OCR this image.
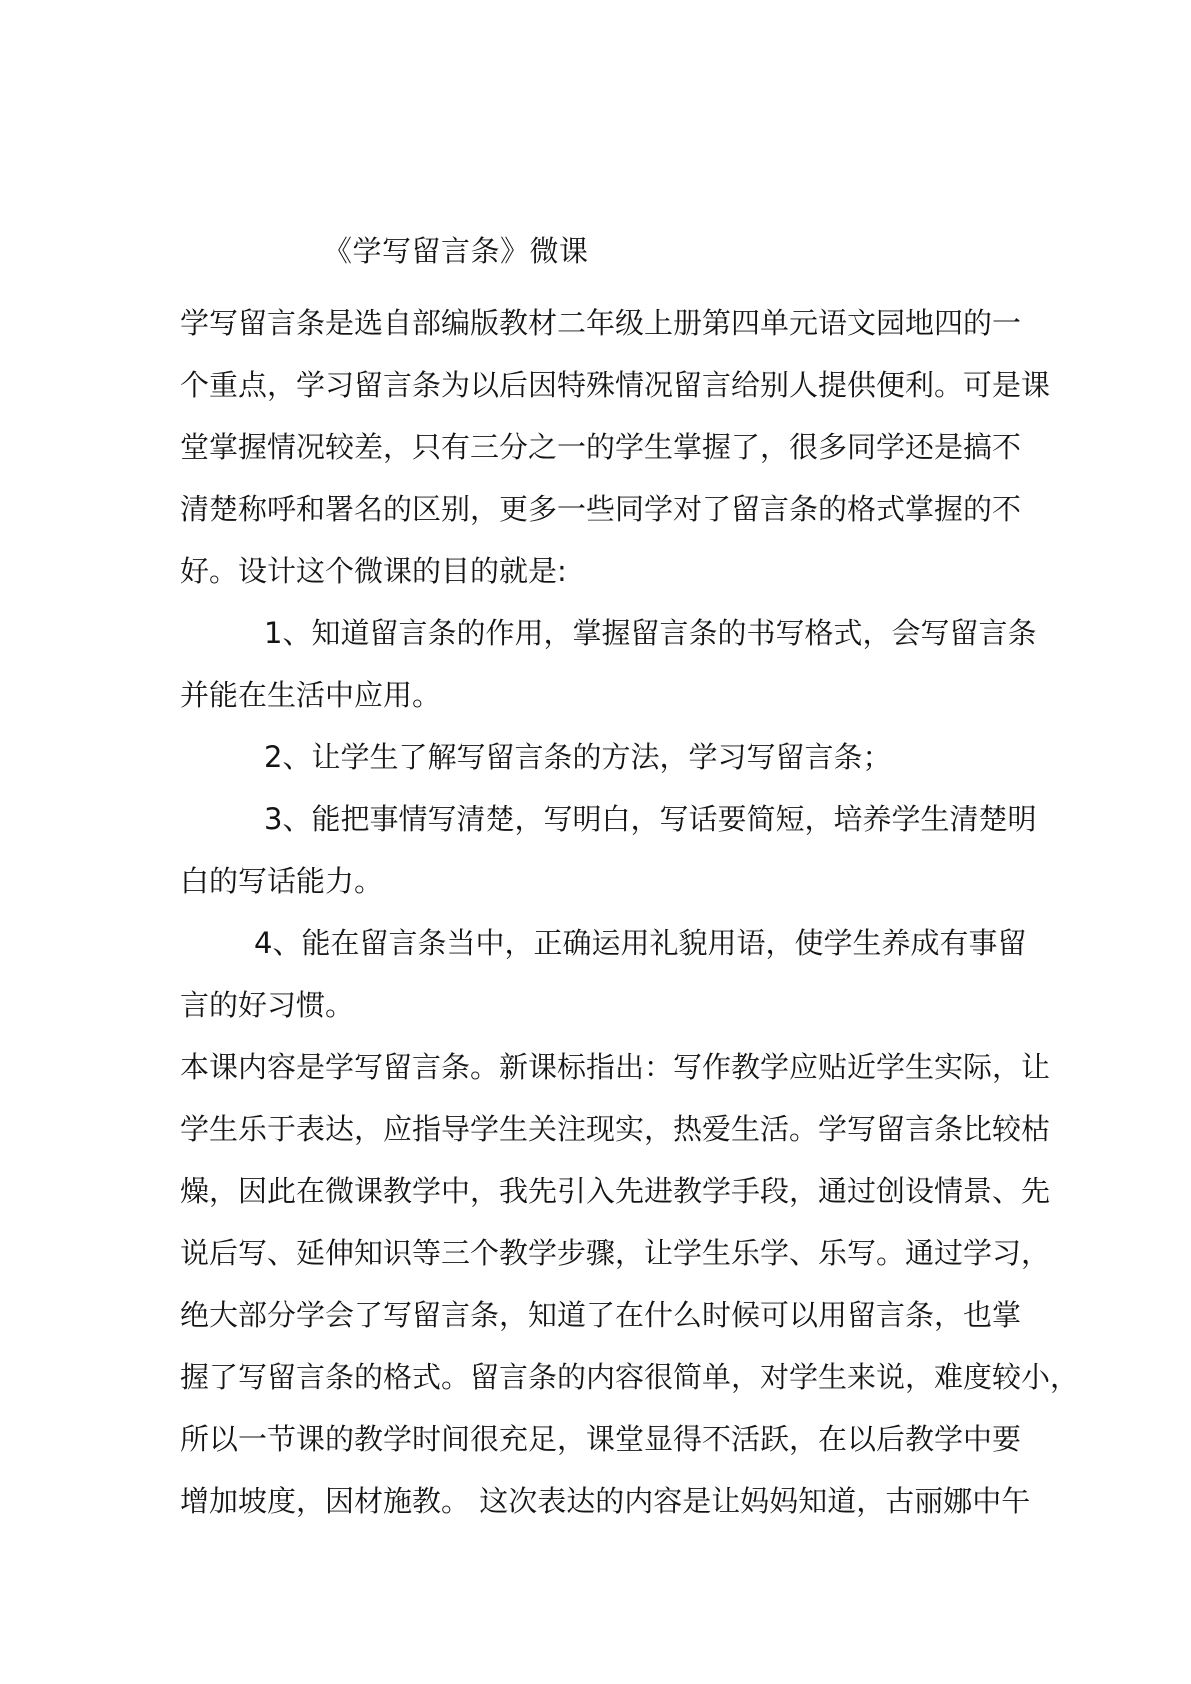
《学写留言条》微课
学写留言条是选自部编版教材二年级上册第四单元语文园地四的一
个重点，学习留言条为以后因特殊情况留言给别人提供便利。可是课
堂掌握情况较差，只有三分之一的学生掌握了，很多同学还是搞不
清楚称呼和署名的区别，更多一些同学对了留言条的格式掌握的不
好。设计这个微课的目的就是:
1、知道留言条的作用，掌握留言条的书写格式，会写留言条
并能在生活中应用。
2、让学生了解写留言条的方法，学习写留言条；
3、能把事情写清楚，写明白，写话要简短，培养学生清楚明
白的写话能力。
4、能在留言条当中，正确运用礼貌用语，使学生养成有事留
言的好习惯。
本课内容是学写留言条。新课标指出：写作教学应贴近学生实际，让
学生乐于表达，应指导学生关注现实，热爱生活。学写留言条比较枯
燥，因此在微课教学中，我先引入先进教学手段，通过创设情景、先
说后写、延伸知识等三个教学步骤，让学生乐学、乐写。通过学习，
绝大部分学会了写留言条，知道了在什么时候可以用留言条，也掌
握了写留言条的格式。留言条的内容很简单，对学生来说，难度较小，
所以一节课的教学时间很充足，课堂显得不活跃，在以后教学中要
增加坡度，因材施教。 这次表达的内容是让妈妈知道，古丽娜中午
